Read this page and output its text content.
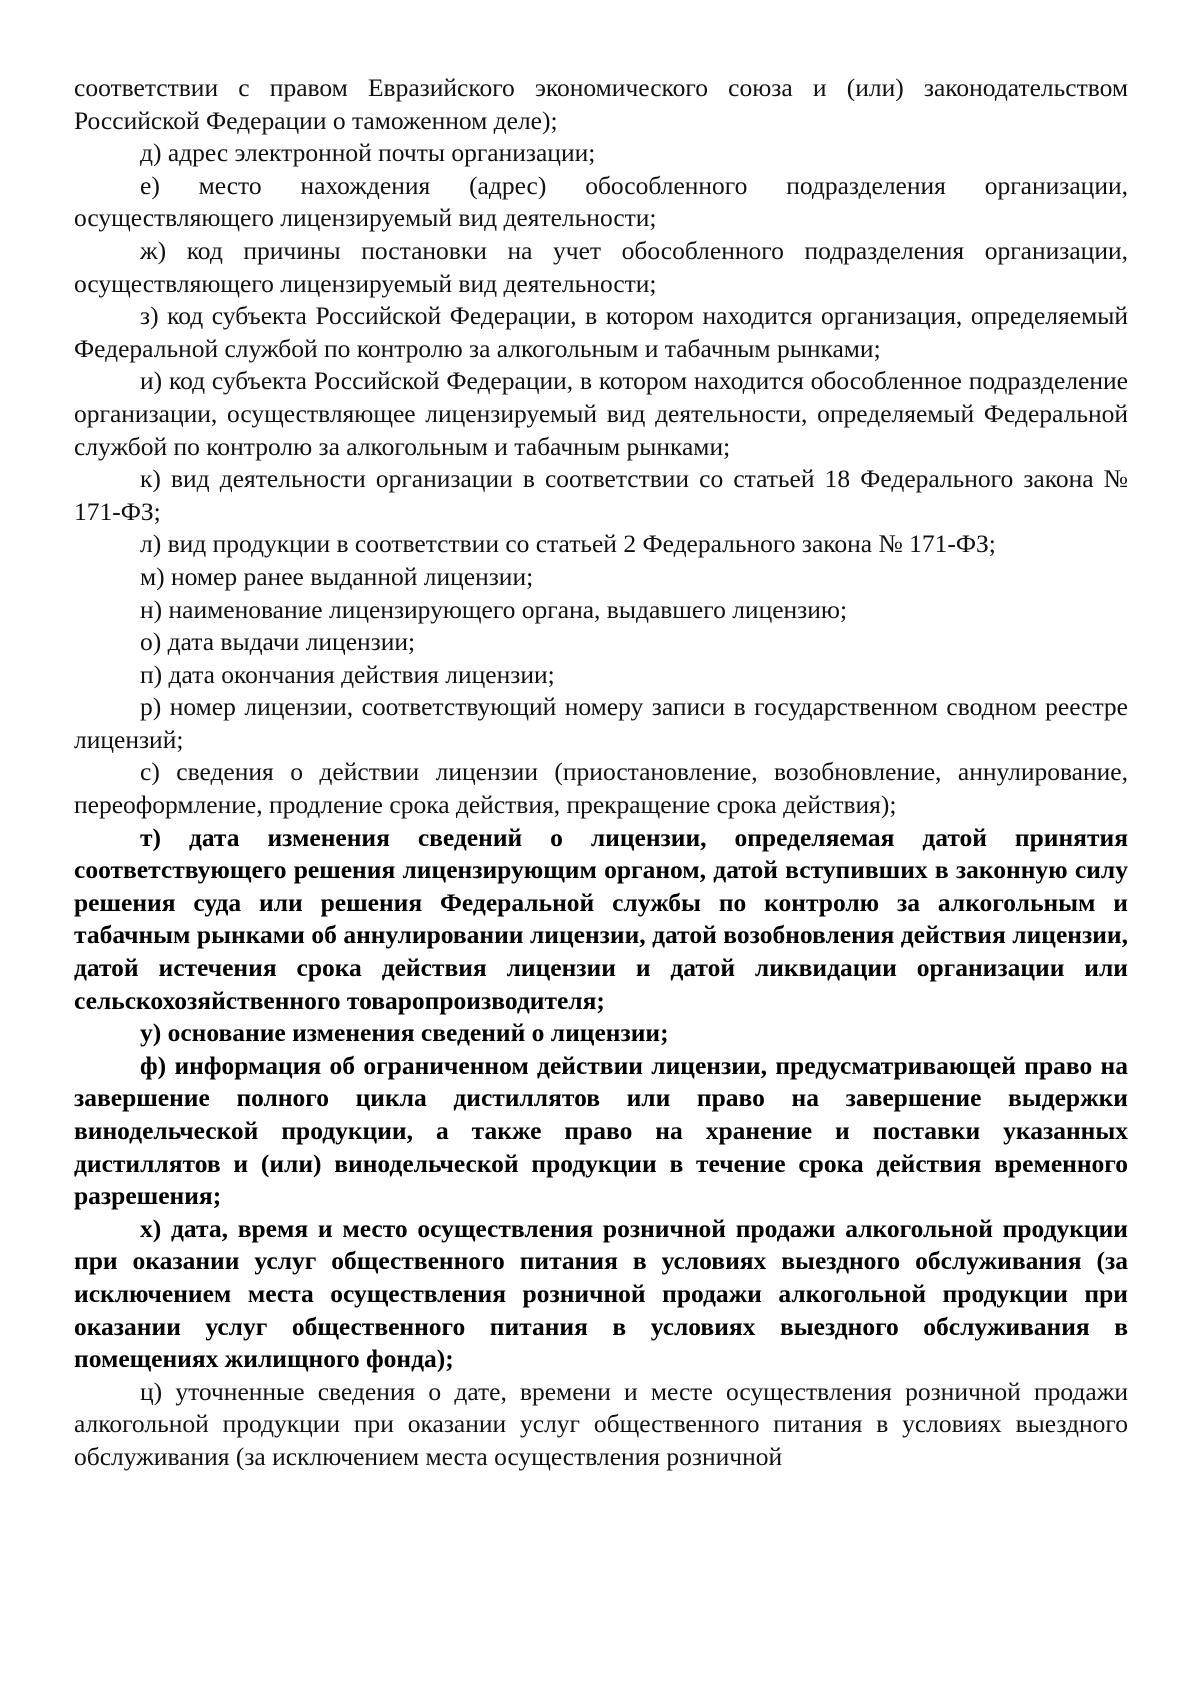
соответствии с правом Евразийского экономического союза и (или) законодательством Российской Федерации о таможенном деле);

д) адрес электронной почты организации;

е) место нахождения (адрес) обособленного подразделения организации, осуществляющего лицензируемый вид деятельности;

ж) код причины постановки на учет обособленного подразделения организации, осуществляющего лицензируемый вид деятельности;

з) код субъекта Российской Федерации, в котором находится организация, определяемый Федеральной службой по контролю за алкогольным и табачным рынками;

и) код субъекта Российской Федерации, в котором находится обособленное подразделение организации, осуществляющее лицензируемый вид деятельности, определяемый Федеральной службой по контролю за алкогольным и табачным рынками;

к) вид деятельности организации в соответствии со статьей 18 Федерального закона № 171-ФЗ;

л) вид продукции в соответствии со статьей 2 Федерального закона № 171-ФЗ;

м) номер ранее выданной лицензии;

н) наименование лицензирующего органа, выдавшего лицензию;

о) дата выдачи лицензии;

п) дата окончания действия лицензии;

р) номер лицензии, соответствующий номеру записи в государственном сводном реестре лицензий;

с) сведения о действии лицензии (приостановление, возобновление, аннулирование, переоформление, продление срока действия, прекращение срока действия);

т) дата изменения сведений о лицензии, определяемая датой принятия соответствующего решения лицензирующим органом, датой вступивших в законную силу решения суда или решения Федеральной службы по контролю за алкогольным и табачным рынками об аннулировании лицензии, датой возобновления действия лицензии, датой истечения срока действия лицензии и датой ликвидации организации или сельскохозяйственного товаропроизводителя;

у) основание изменения сведений о лицензии;

ф) информация об ограниченном действии лицензии, предусматривающей право на завершение полного цикла дистиллятов или право на завершение выдержки винодельческой продукции, а также право на хранение и поставки указанных дистиллятов и (или) винодельческой продукции в течение срока действия временного разрешения;

х) дата, время и место осуществления розничной продажи алкогольной продукции при оказании услуг общественного питания в условиях выездного обслуживания (за исключением места осуществления розничной продажи алкогольной продукции при оказании услуг общественного питания в условиях выездного обслуживания в помещениях жилищного фонда);

ц) уточненные сведения о дате, времени и месте осуществления розничной продажи алкогольной продукции при оказании услуг общественного питания в условиях выездного обслуживания (за исключением места осуществления розничной
